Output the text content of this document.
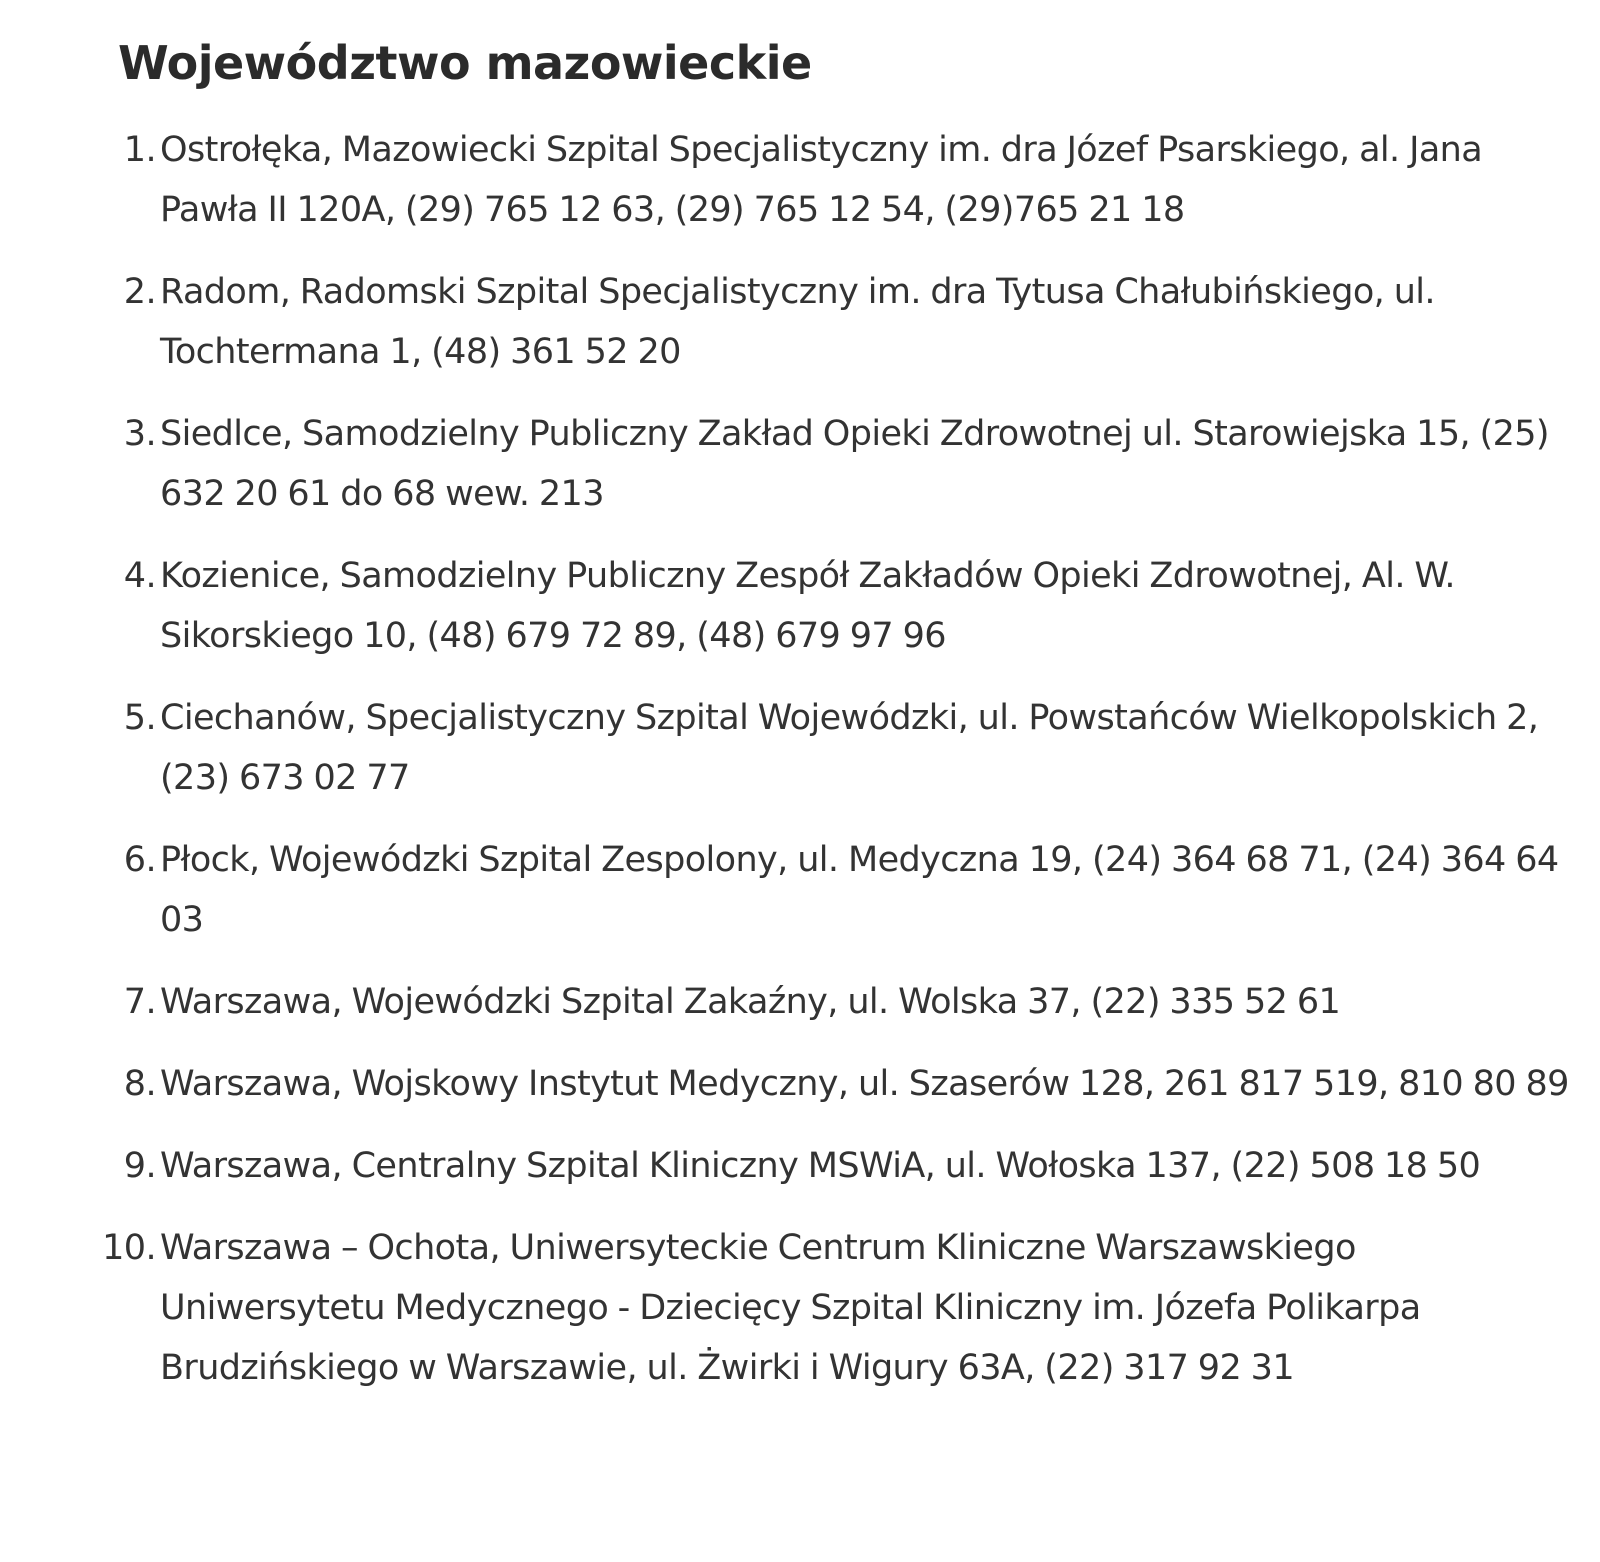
Województwo mazowieckie
1. Ostrołęka, Mazowiecki Szpital Specjalistyczny im. dra Józef Psarskiego, al. Jana Pawła II 120A, (29) 765 12 63, (29) 765 12 54, (29)765 21 18
2. Radom, Radomski Szpital Specjalistyczny im. dra Tytusa Chałubińskiego, ul. Tochtermana 1, (48) 361 52 20
3. Siedlce, Samodzielny Publiczny Zakład Opieki Zdrowotnej ul. Starowiejska 15, (25) 632 20 61 do 68 wew. 213
4. Kozienice, Samodzielny Publiczny Zespół Zakładów Opieki Zdrowotnej, Al. W. Sikorskiego 10, (48) 679 72 89, (48) 679 97 96
5. Ciechanów, Specjalistyczny Szpital Wojewódzki, ul. Powstańców Wielkopolskich 2, (23) 673 02 77
6. Płock, Wojewódzki Szpital Zespolony, ul. Medyczna 19, (24) 364 68 71, (24) 364 64 03
7. Warszawa, Wojewódzki Szpital Zakaźny, ul. Wolska 37, (22) 335 52 61
8. Warszawa, Wojskowy Instytut Medyczny, ul. Szaserów 128, 261 817 519, 810 80 89
9. Warszawa, Centralny Szpital Kliniczny MSWiA, ul. Wołoska 137, (22) 508 18 50
10. Warszawa – Ochota, Uniwersyteckie Centrum Kliniczne Warszawskiego Uniwersytetu Medycznego - Dziecięcy Szpital Kliniczny im. Józefa Polikarpa Brudzińskiego w Warszawie, ul. Żwirki i Wigury 63A, (22) 317 92 31
